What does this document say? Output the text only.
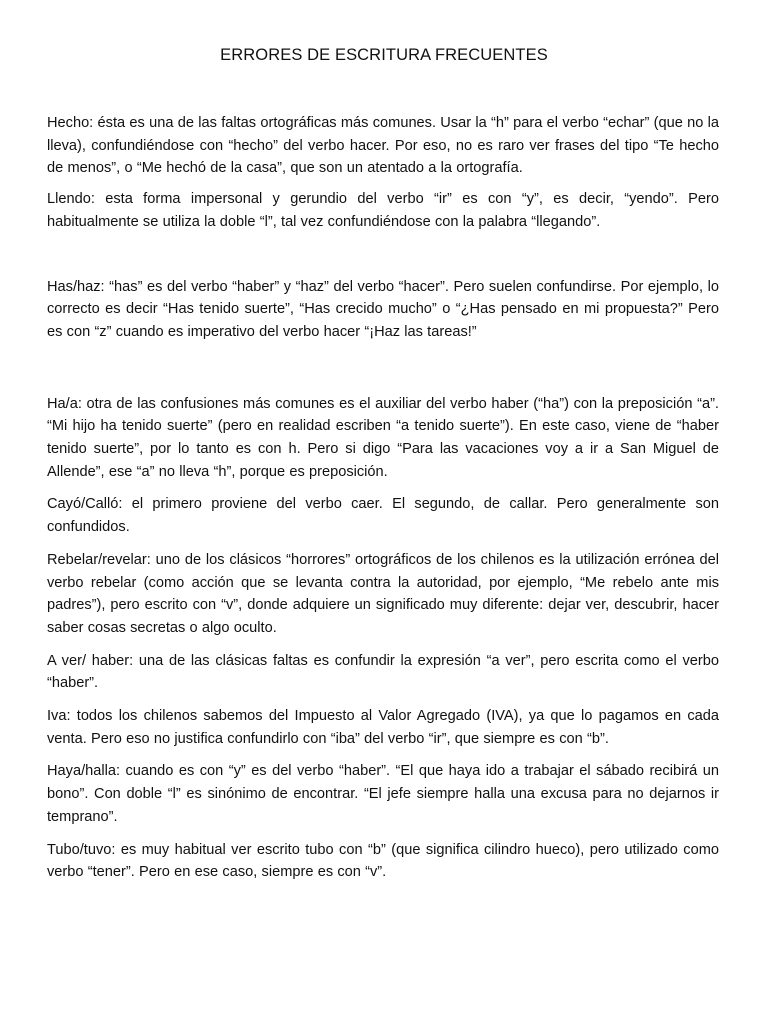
ERRORES DE ESCRITURA FRECUENTES

Hecho: ésta es una de las faltas ortográficas más comunes. Usar la “h” para el verbo “echar” (que no la lleva), confundiéndose con “hecho” del verbo hacer. Por eso, no es raro ver frases del tipo “Te hecho de menos”, o “Me hechó de la casa”, que son un atentado a la ortografía.

Llendo: esta forma impersonal y gerundio del verbo “ir” es con “y”, es decir, “yendo”. Pero habitualmente se utiliza la doble “l”, tal vez confundiéndose con la palabra “llegando”.

Has/haz: “has” es del verbo “haber” y “haz” del verbo “hacer”. Pero suelen confundirse. Por ejemplo, lo correcto es decir “Has tenido suerte”, “Has crecido mucho” o “¿Has pensado en mi propuesta?” Pero es con “z” cuando es imperativo del verbo hacer “¡Haz las tareas!”

Ha/a: otra de las confusiones más comunes es el auxiliar del verbo haber (“ha”) con la preposición “a”. “Mi hijo ha tenido suerte” (pero en realidad escriben “a tenido suerte”). En este caso, viene de “haber tenido suerte”, por lo tanto es con h. Pero si digo “Para las vacaciones voy a ir a San Miguel de Allende”, ese “a” no lleva “h”, porque es preposición.

Cayó/Calló: el primero proviene del verbo caer. El segundo, de callar. Pero generalmente son confundidos.

Rebelar/revelar: uno de los clásicos “horrores” ortográficos de los chilenos es la utilización errónea del verbo rebelar (como acción que se levanta contra la autoridad, por ejemplo, “Me rebelo ante mis padres”), pero escrito con “v”, donde adquiere un significado muy diferente: dejar ver, descubrir, hacer saber cosas secretas o algo oculto.

A ver/ haber: una de las clásicas faltas es confundir la expresión “a ver”, pero escrita como el verbo “haber”.

Iva: todos los chilenos sabemos del Impuesto al Valor Agregado (IVA), ya que lo pagamos en cada venta. Pero eso no justifica confundirlo con “iba” del verbo “ir”, que siempre es con “b”.

Haya/halla: cuando es con “y” es del verbo “haber”. “El que haya ido a trabajar el sábado recibirá un bono”. Con doble “l” es sinónimo de encontrar. “El jefe siempre halla una excusa para no dejarnos ir temprano”.

Tubo/tuvo: es muy habitual ver escrito tubo con “b” (que significa cilindro hueco), pero utilizado como verbo “tener”. Pero en ese caso, siempre es con “v”.
